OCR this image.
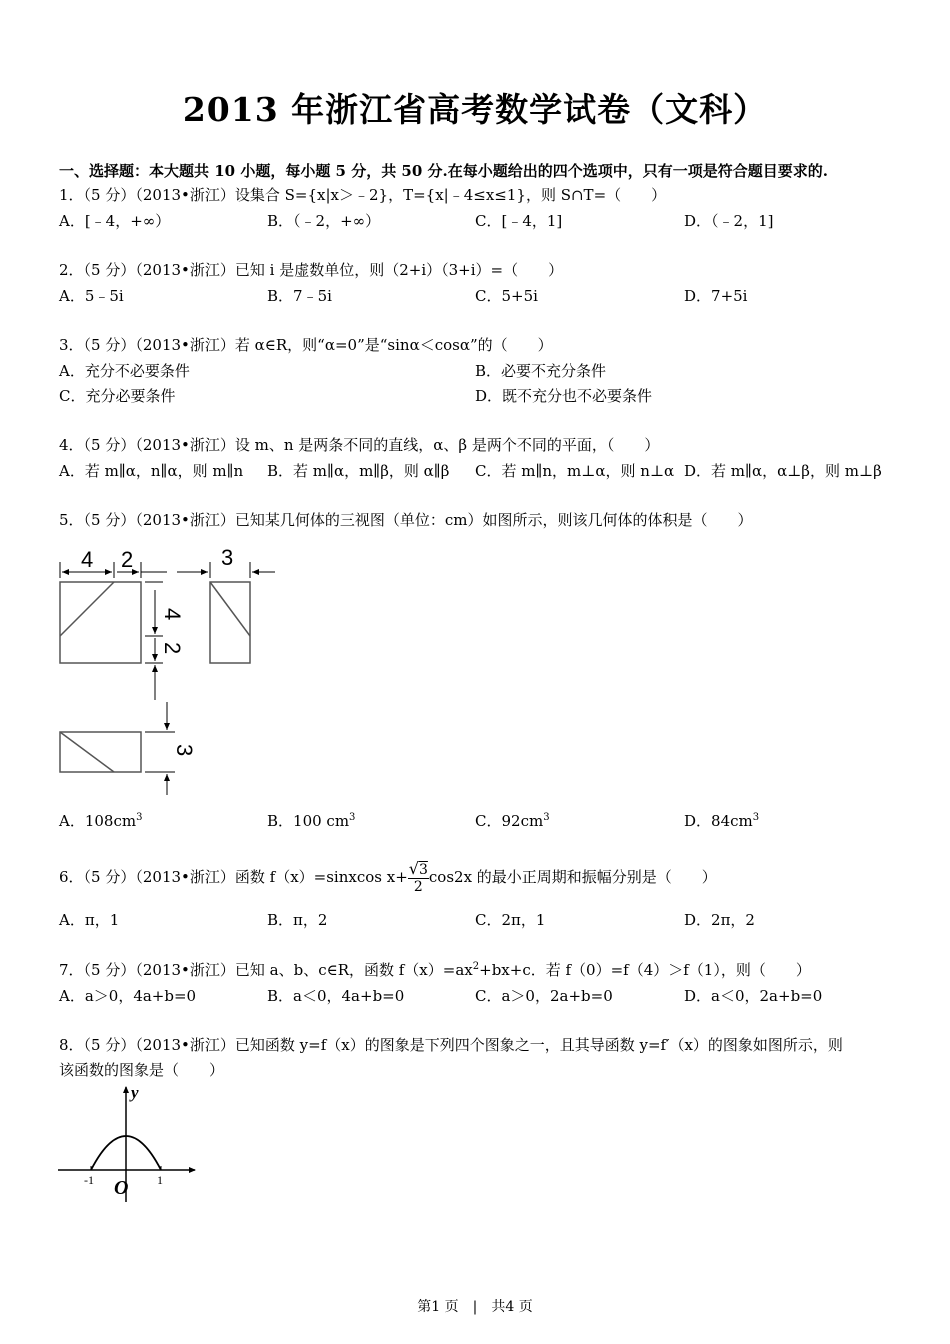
2013 年浙江省高考数学试卷（文科）
一、选择题：本大题共 10 小题，每小题 5 分，共 50 分.在每小题给出的四个选项中，只有一项是符合题目要求的.
1．（5 分）（2013•浙江）设集合 S={x|x＞﹣2}，T={x|﹣4≤x≤1}，则 S∩T=（　　）
A．[﹣4，+∞）	B．（﹣2，+∞）	C．[﹣4，1]	D．（﹣2，1]
2．（5 分）（2013•浙江）已知 i 是虚数单位，则（2+i）（3+i）=（　　）
A．5﹣5i	B．7﹣5i	C．5+5i	D．7+5i
3．（5 分）（2013•浙江）若 α∈R，则“α=0”是“sinα＜cosα”的（　　）
A．充分不必要条件	B．必要不充分条件
C．充分必要条件	D．既不充分也不必要条件
4．（5 分）（2013•浙江）设 m、n 是两条不同的直线，α、β 是两个不同的平面，（　　）
A．若 m∥α，n∥α，则 m∥n B．若 m∥α，m∥β，则 α∥β C．若 m∥n，m⊥α，则 n⊥α D．若 m∥α，α⊥β，则 m⊥β
5．（5 分）（2013•浙江）已知某几何体的三视图（单位：cm）如图所示，则该几何体的体积是（　　）
4 2	3
4
2
3
A．$108cm^3$	B．100 $cm^3$	C．$92cm^3$	D．$84cm^3$
6．（5 分）（2013•浙江）函数 f（x）=sinxcos $x+ \frac{√3}{2} \cos 2x$ 的最小正周期和振幅分别是（　　）
A．π，1	B．π，2	C．2π，1	D．2π，2
7．（5 分）（2013•浙江）已知 a、b、c∈R，函数 $f(x)=ax^2+bx+c$．若 f（0）=f（4）＞f（1），则（　　）
A．a＞0，4a+b=0	B．a＜0，4a+b=0	C．a＞0，2a+b=0	D．a＜0，2a+b=0
8．（5 分）（2013•浙江）已知函数 y=f（x）的图象是下列四个图象之一，且其导函数 y=f′（x）的图象如图所示，则
该函数的图象是（　　）
y
O
-1	1
第1 页　|　共4 页
